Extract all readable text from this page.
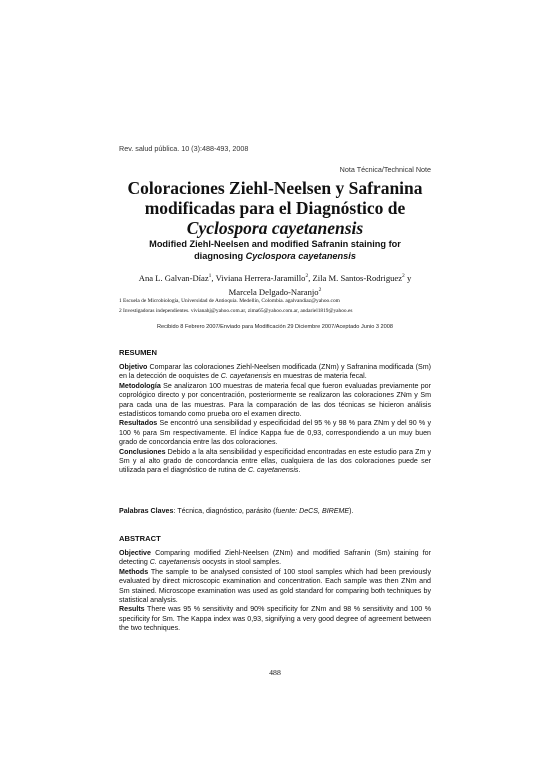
Rev. salud pública. 10 (3):488-493, 2008
Nota Técnica/Technical Note
Coloraciones Ziehl-Neelsen y Safranina
modificadas para el Diagnóstico de
Cyclospora cayetanensis
Modified Ziehl-Neelsen and modified Safranin staining for
diagnosing Cyclospora cayetanensis
Ana L. Galvan-Díaz$^1$, Viviana Herrera-Jaramillo$^2$, Zila M. Santos-Rodriguez$^2$ y
Marcela Delgado-Naranjo$^2$
1 Escuela de Microbiología, Universidad de Antioquia. Medellín, Colombia. agalvandiaz@yahoo.com
2 Investigadoras independientes. vivianahj@yahoo.com.ar, zima65@yahoo.com.ar, andariel1819@yahoo.es
Recibido 8 Febrero 2007/Enviado para Modificación 29 Diciembre 2007/Aceptado Junio 3 2008
RESUMEN

Objetivo Comparar las coloraciones Ziehl-Neelsen modificada (ZNm) y Safranina modificada (Sm) en la detección de ooquistes de C. cayetanensis en muestras de materia fecal.

Metodología Se analizaron 100 muestras de materia fecal que fueron evaluadas previamente por coprológico directo y por concentración, posteriormente se realizaron las coloraciones ZNm y Sm para cada una de las muestras. Para la comparación de las dos técnicas se hicieron análisis estadísticos tomando como prueba oro el examen directo.

Resultados Se encontró una sensibilidad y especificidad del 95 % y 98 % para ZNm y del 90 % y 100 % para Sm respectivamente. El índice Kappa fue de 0,93, correspondiendo a un muy buen grado de concordancia entre las dos coloraciones.

Conclusiones Debido a la alta sensibilidad y especificidad encontradas en este estudio para Zm y Sm y al alto grado de concordancia entre ellas, cualquiera de las dos coloraciones puede ser utilizada para el diagnóstico de rutina de C. cayetanensis.

Palabras Claves: Técnica, diagnóstico, parásito (fuente: DeCS, BIREME).
ABSTRACT

Objective Comparing modified Ziehl-Neelsen (ZNm) and modified Safranin (Sm) staining for detecting C. cayetanensis oocysts in stool samples.

Methods The sample to be analysed consisted of 100 stool samples which had been previously evaluated by direct microscopic examination and concentration. Each sample was then ZNm and Sm stained. Microscope examination was used as gold standard for comparing both techniques by statistical analysis.

Results There was 95 % sensitivity and 90% specificity for ZNm and 98 % sensitivity and 100 % specificity for Sm. The Kappa index was 0,93, signifying a very good degree of agreement between the two techniques.

488
